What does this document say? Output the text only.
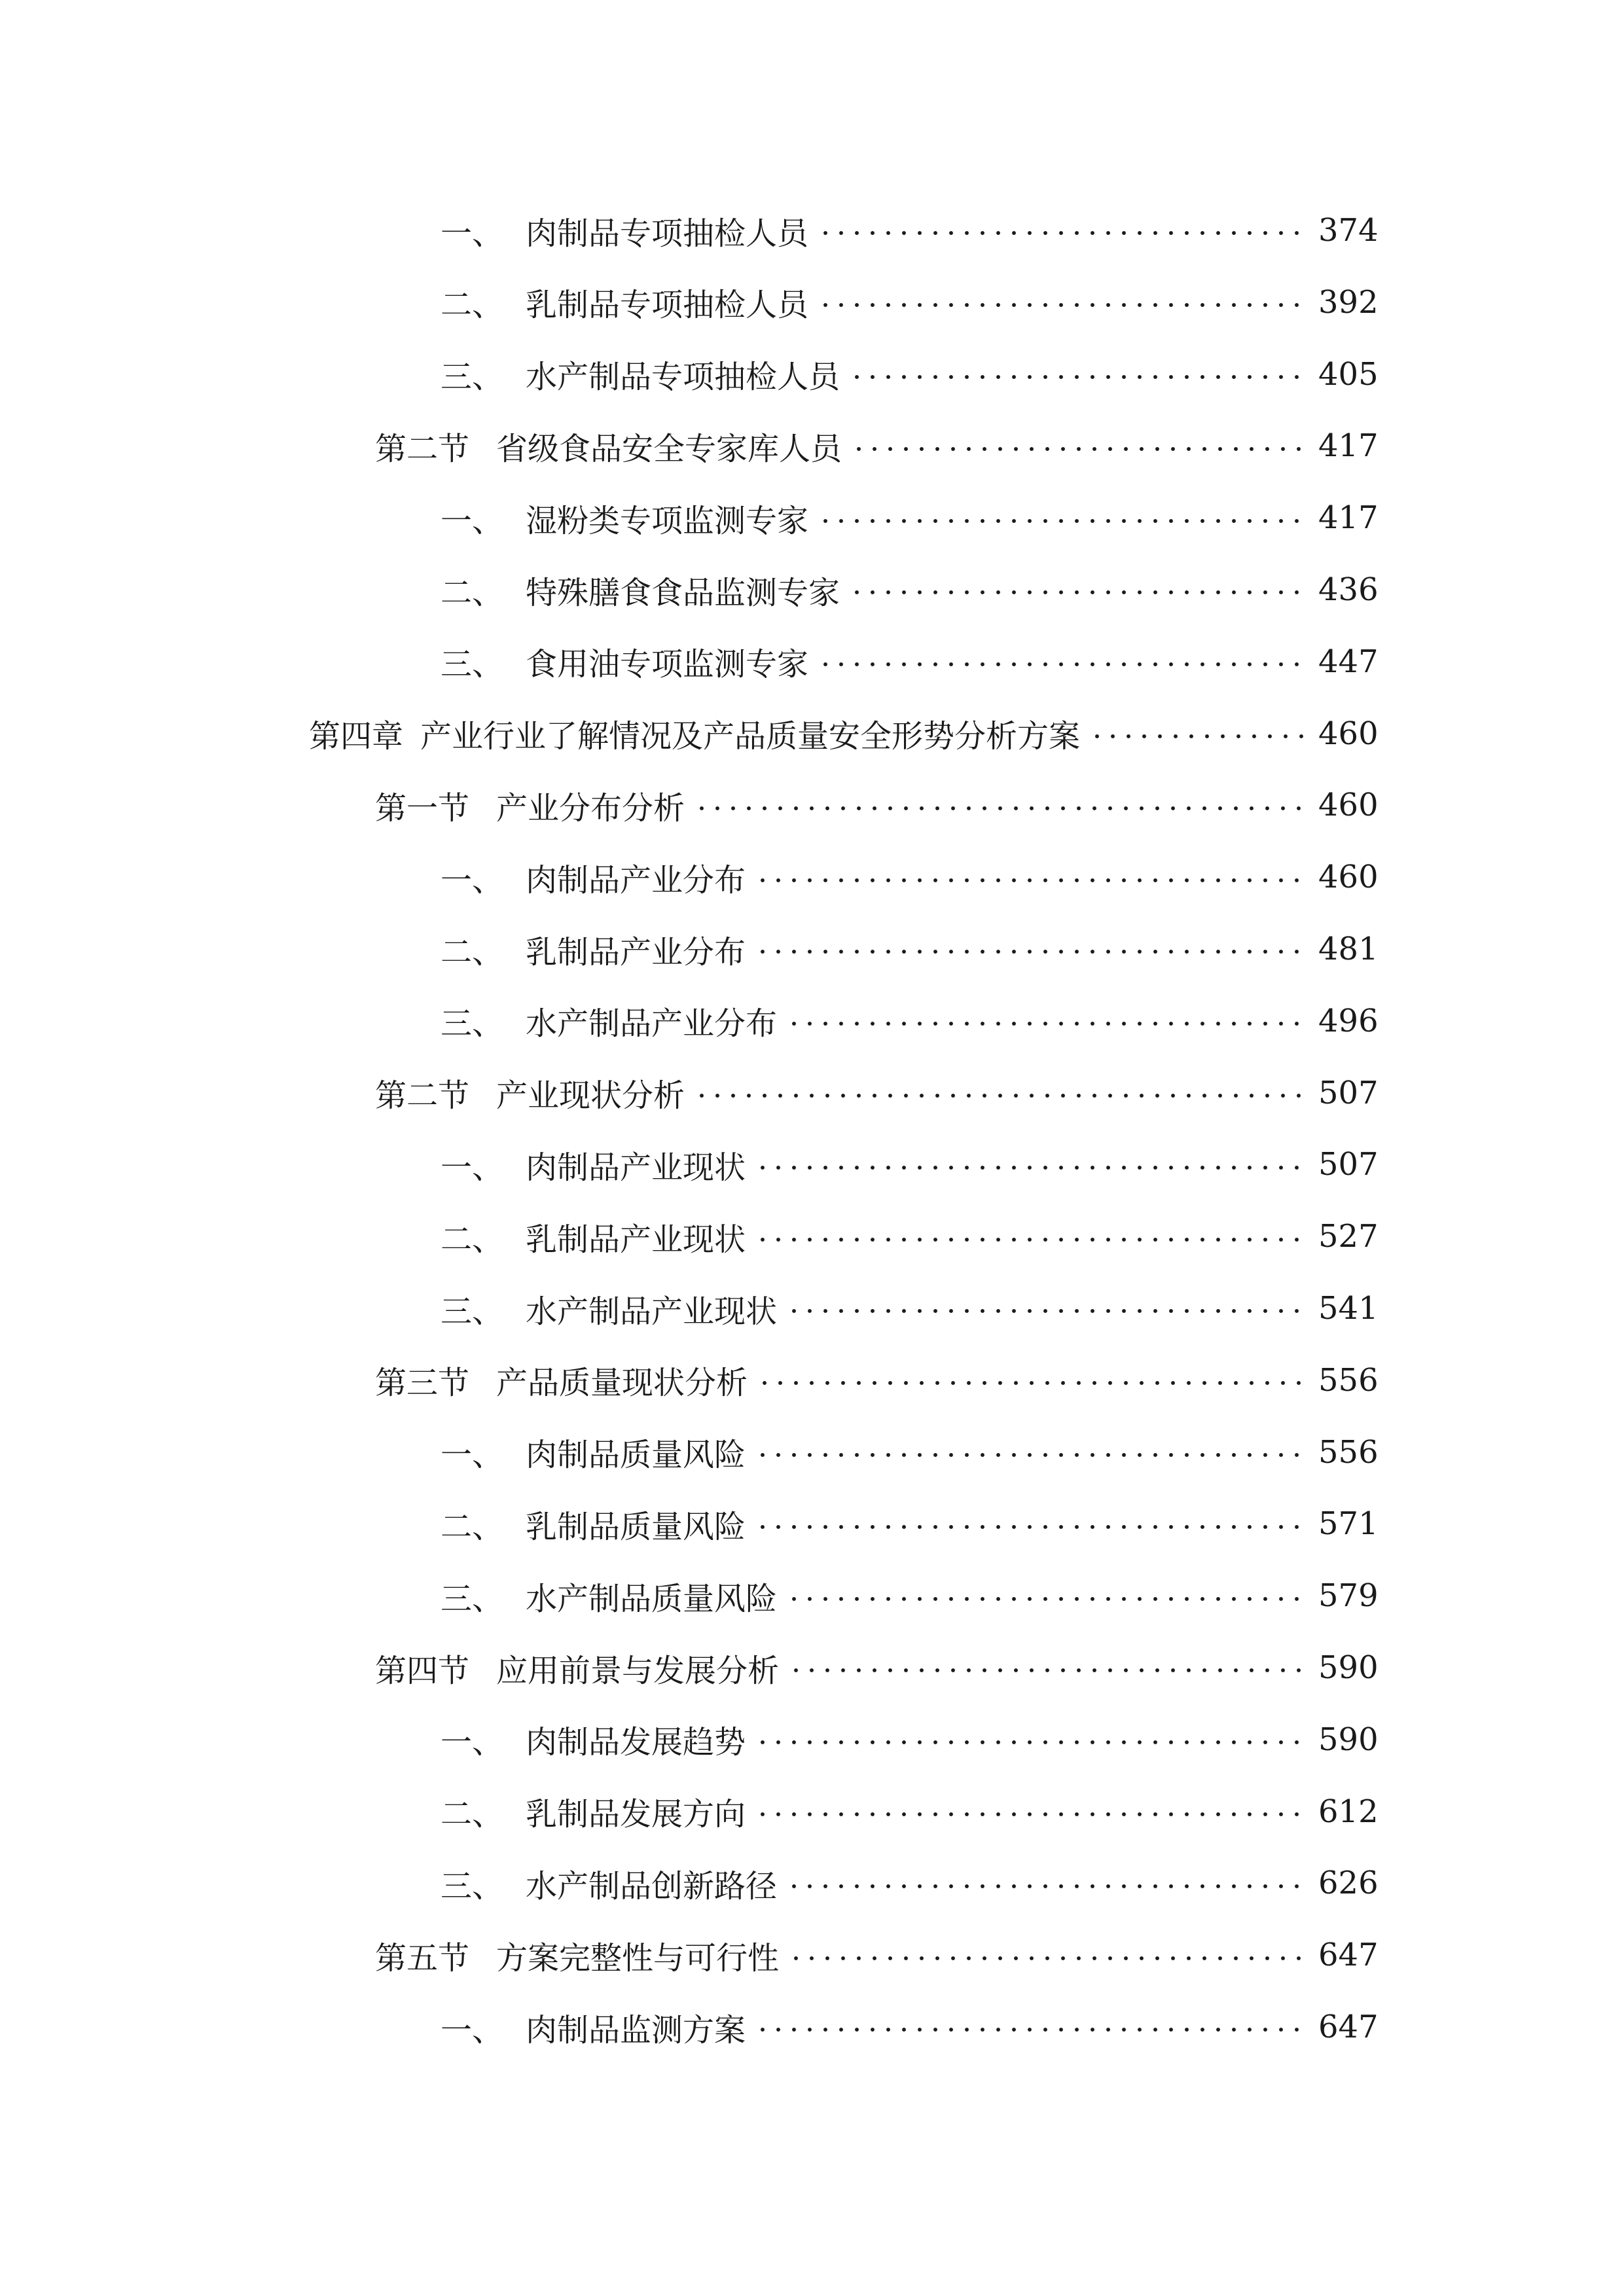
一、 肉制品专项抽检人员	374
二、 乳制品专项抽检人员	392
三、 水产制品专项抽检人员	405
第二节 省级食品安全专家库人员	417
一、 湿粉类专项监测专家	417
二、 特殊膳食食品监测专家	436
三、 食用油专项监测专家	447
第四章 产业行业了解情况及产品质量安全形势分析方案	460
第一节 产业分布分析	460
一、 肉制品产业分布	460
二、 乳制品产业分布	481
三、 水产制品产业分布	496
第二节 产业现状分析	507
一、 肉制品产业现状	507
二、 乳制品产业现状	527
三、 水产制品产业现状	541
第三节 产品质量现状分析	556
一、 肉制品质量风险	556
二、 乳制品质量风险	571
三、 水产制品质量风险	579
第四节 应用前景与发展分析	590
一、 肉制品发展趋势	590
二、 乳制品发展方向	612
三、 水产制品创新路径	626
第五节 方案完整性与可行性	647
一、 肉制品监测方案	647
